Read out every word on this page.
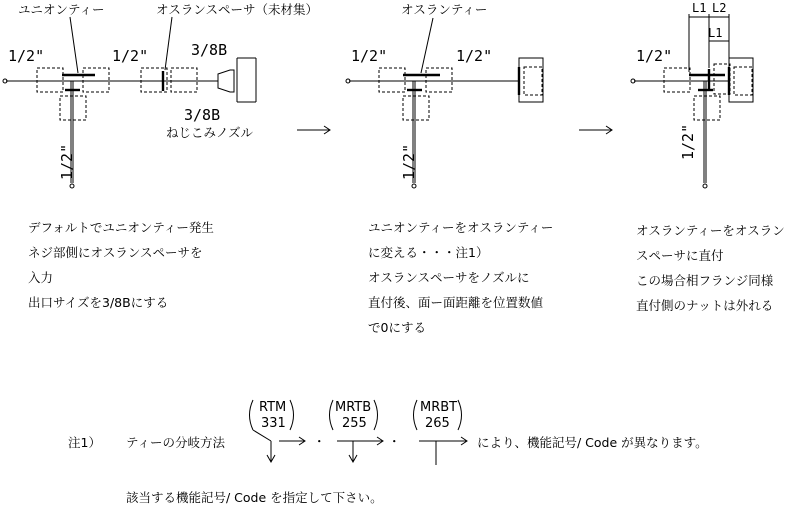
ユニオンティー	オスランスペーサ（未材集）
1/2"	1/2"	3/8B
3/8B
ねじこみノズル
1/2"
オスランティー
1/2"	1/2"
1/2"
L1 L2
L1
1/2"
1/2"
デフォルトでユニオンティー発生
ネジ部側にオスランスペーサを
入力
出口サイズを3/8Bにする
ユニオンティーをオスランティー
に変える・・・注1）
オスランスペーサをノズルに
直付後、面ー面距離を位置数値
で0にする
オスランティーをオスラン
スペーサに直付
この場合相フランジ同様
直付側のナットは外れる
注1） ティーの分岐方法
RTM
331
・
MRTB
255
・
MRBT
265
により、機能記号/ Code が異なります。
該当する機能記号/ Code を指定して下さい。
